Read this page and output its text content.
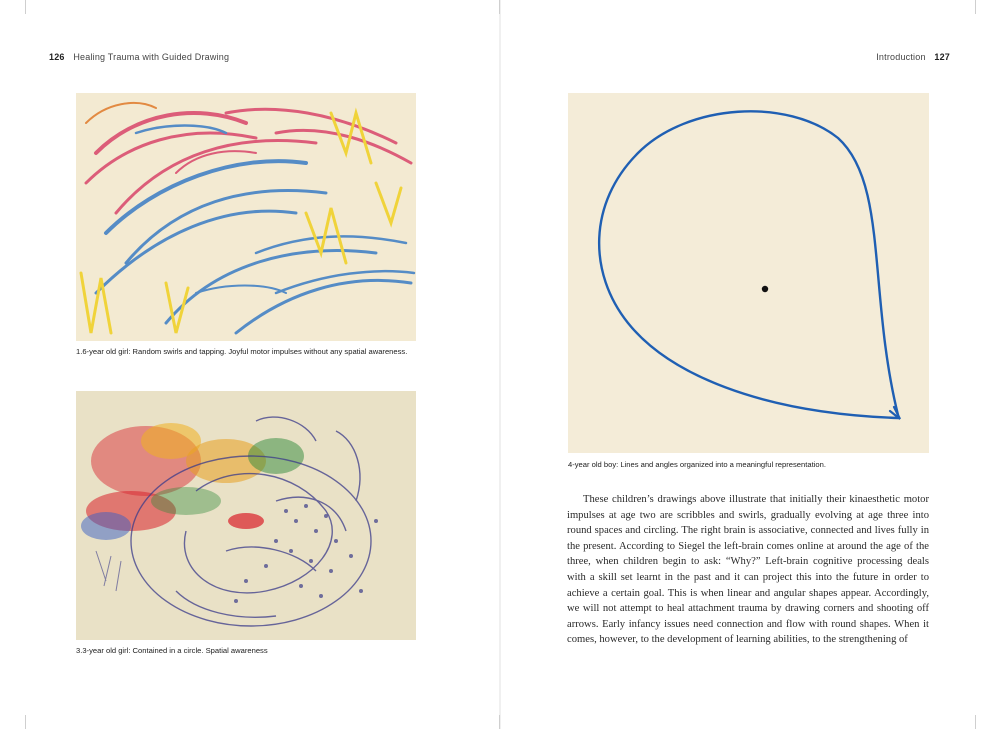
126 Healing Trauma with Guided Drawing
1.6-year old girl: Random swirls and tapping. Joyful motor impulses without any spatial awareness.
3.3-year old girl: Contained in a circle. Spatial awareness
Introduction 127
4-year old boy: Lines and angles organized into a meaningful representation.

These children’s drawings above illustrate that initially their kinaesthetic motor impulses at age two are scribbles and swirls, gradually evolving at age three into round spaces and circling. The right brain is associative, connected and lives fully in the present. According to Siegel the left-brain comes online at around the age of the three, when children begin to ask: “Why?” Left-brain cognitive processing deals with a skill set learnt in the past and it can project this into the future in order to achieve a certain goal. This is when linear and angular shapes appear. Accordingly, we will not attempt to heal attachment trauma by drawing corners and shooting off arrows. Early infancy issues need connection and flow with round shapes. When it comes, however, to the development of learning abilities, to the strengthening of
